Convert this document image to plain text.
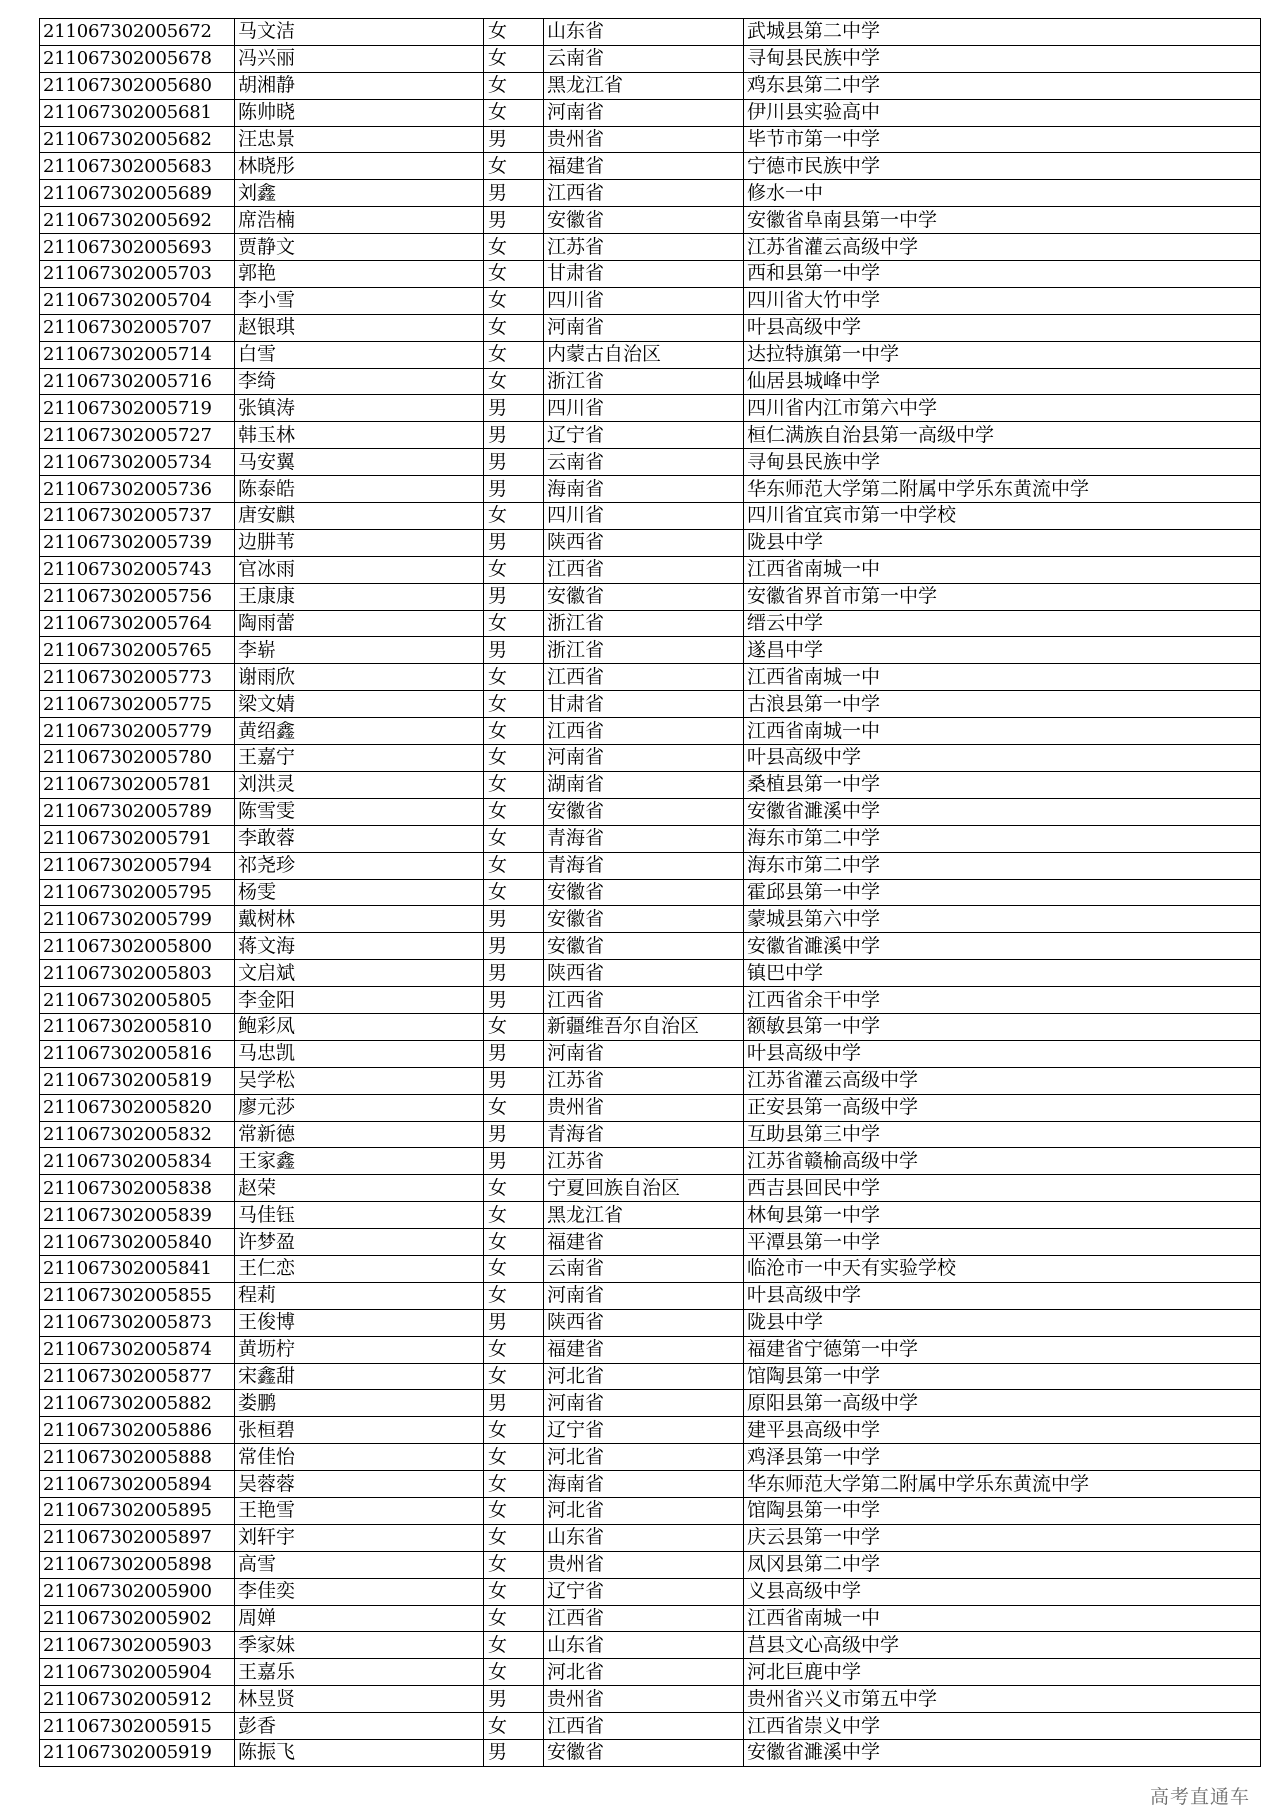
211067302005672	马文洁	女	山东省	武城县第二中学
211067302005678	冯兴丽	女	云南省	寻甸县民族中学
211067302005680	胡湘静	女	黑龙江省	鸡东县第二中学
211067302005681	陈帅晓	女	河南省	伊川县实验高中
211067302005682	汪忠景	男	贵州省	毕节市第一中学
211067302005683	林晓彤	女	福建省	宁德市民族中学
211067302005689	刘鑫	男	江西省	修水一中
211067302005692	席浩楠	男	安徽省	安徽省阜南县第一中学
211067302005693	贾静文	女	江苏省	江苏省灌云高级中学
211067302005703	郭艳	女	甘肃省	西和县第一中学
211067302005704	李小雪	女	四川省	四川省大竹中学
211067302005707	赵银琪	女	河南省	叶县高级中学
211067302005714	白雪	女	内蒙古自治区	达拉特旗第一中学
211067302005716	李绮	女	浙江省	仙居县城峰中学
211067302005719	张镇涛	男	四川省	四川省内江市第六中学
211067302005727	韩玉林	男	辽宁省	桓仁满族自治县第一高级中学
211067302005734	马安翼	男	云南省	寻甸县民族中学
211067302005736	陈泰皓	男	海南省	华东师范大学第二附属中学乐东黄流中学
211067302005737	唐安麒	女	四川省	四川省宜宾市第一中学校
211067302005739	边肼苇	男	陕西省	陇县中学
211067302005743	官冰雨	女	江西省	江西省南城一中
211067302005756	王康康	男	安徽省	安徽省界首市第一中学
211067302005764	陶雨蕾	女	浙江省	缙云中学
211067302005765	李崭	男	浙江省	遂昌中学
211067302005773	谢雨欣	女	江西省	江西省南城一中
211067302005775	梁文婧	女	甘肃省	古浪县第一中学
211067302005779	黄绍鑫	女	江西省	江西省南城一中
211067302005780	王嘉宁	女	河南省	叶县高级中学
211067302005781	刘洪灵	女	湖南省	桑植县第一中学
211067302005789	陈雪雯	女	安徽省	安徽省濉溪中学
211067302005791	李敢蓉	女	青海省	海东市第二中学
211067302005794	祁尧珍	女	青海省	海东市第二中学
211067302005795	杨雯	女	安徽省	霍邱县第一中学
211067302005799	戴树林	男	安徽省	蒙城县第六中学
211067302005800	蒋文海	男	安徽省	安徽省濉溪中学
211067302005803	文启斌	男	陕西省	镇巴中学
211067302005805	李金阳	男	江西省	江西省余干中学
211067302005810	鲍彩凤	女	新疆维吾尔自治区	额敏县第一中学
211067302005816	马忠凯	男	河南省	叶县高级中学
211067302005819	吴学松	男	江苏省	江苏省灌云高级中学
211067302005820	廖元莎	女	贵州省	正安县第一高级中学
211067302005832	常新德	男	青海省	互助县第三中学
211067302005834	王家鑫	男	江苏省	江苏省赣榆高级中学
211067302005838	赵荣	女	宁夏回族自治区	西吉县回民中学
211067302005839	马佳钰	女	黑龙江省	林甸县第一中学
211067302005840	许梦盈	女	福建省	平潭县第一中学
211067302005841	王仁恋	女	云南省	临沧市一中天有实验学校
211067302005855	程莉	女	河南省	叶县高级中学
211067302005873	王俊博	男	陕西省	陇县中学
211067302005874	黄坜柠	女	福建省	福建省宁德第一中学
211067302005877	宋鑫甜	女	河北省	馆陶县第一中学
211067302005882	娄鹏	男	河南省	原阳县第一高级中学
211067302005886	张桓碧	女	辽宁省	建平县高级中学
211067302005888	常佳怡	女	河北省	鸡泽县第一中学
211067302005894	吴蓉蓉	女	海南省	华东师范大学第二附属中学乐东黄流中学
211067302005895	王艳雪	女	河北省	馆陶县第一中学
211067302005897	刘轩宇	女	山东省	庆云县第一中学
211067302005898	高雪	女	贵州省	凤冈县第二中学
211067302005900	李佳奕	女	辽宁省	义县高级中学
211067302005902	周婵	女	江西省	江西省南城一中
211067302005903	季家妹	女	山东省	莒县文心高级中学
211067302005904	王嘉乐	女	河北省	河北巨鹿中学
211067302005912	林昱贤	男	贵州省	贵州省兴义市第五中学
211067302005915	彭香	女	江西省	江西省崇义中学
211067302005919	陈振飞	男	安徽省	安徽省濉溪中学
高考直通车
